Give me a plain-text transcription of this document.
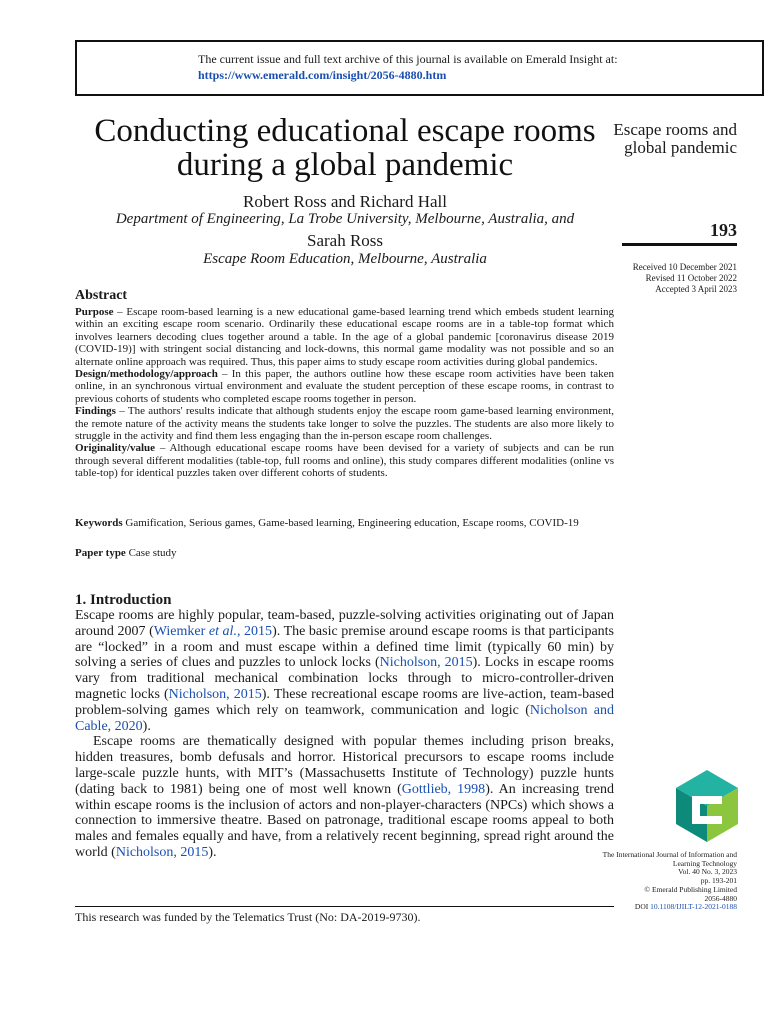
The current issue and full text archive of this journal is available on Emerald Insight at:
https://www.emerald.com/insight/2056-4880.htm
Conducting educational escape rooms during a global pandemic
Robert Ross and Richard Hall
Department of Engineering, La Trobe University, Melbourne, Australia, and
Sarah Ross
Escape Room Education, Melbourne, Australia
Escape rooms and global pandemic
193
Received 10 December 2021
Revised 11 October 2022
Accepted 3 April 2023
Abstract

Purpose – Escape room-based learning is a new educational game-based learning trend which embeds student learning within an exciting escape room scenario. Ordinarily these educational escape rooms are in a table-top format which involves learners decoding clues together around a table. In the age of a global pandemic [coronavirus disease 2019 (COVID-19)] with stringent social distancing and lock-downs, this normal game modality was not possible and so an alternate online approach was required. Thus, this paper aims to study escape room activities during global pandemics.

Design/methodology/approach – In this paper, the authors outline how these escape room activities have been taken online, in an synchronous virtual environment and evaluate the student perception of these escape rooms, in contrast to previous cohorts of students who completed escape rooms together in person.

Findings – The authors' results indicate that although students enjoy the escape room game-based learning environment, the remote nature of the activity means the students take longer to solve the puzzles. The students are also more likely to struggle in the activity and find them less engaging than the in-person escape room challenges.

Originality/value – Although educational escape rooms have been devised for a variety of subjects and can be run through several different modalities (table-top, full rooms and online), this study compares different modalities (online vs table-top) for identical puzzles taken over different cohorts of students.

Keywords Gamification, Serious games, Game-based learning, Engineering education, Escape rooms, COVID-19
Paper type Case study
1. Introduction

Escape rooms are highly popular, team-based, puzzle-solving activities originating out of Japan around 2007 (Wiemker et al., 2015). The basic premise around escape rooms is that participants are “locked” in a room and must escape within a defined time limit (typically 60 min) by solving a series of clues and puzzles to unlock locks (Nicholson, 2015). Locks in escape rooms vary from traditional mechanical combination locks through to micro-controller-driven magnetic locks (Nicholson, 2015). These recreational escape rooms are live-action, team-based problem-solving games which rely on teamwork, communication and logic (Nicholson and Cable, 2020).

Escape rooms are thematically designed with popular themes including prison breaks, hidden treasures, bomb defusals and horror. Historical precursors to escape rooms include large-scale puzzle hunts, with MIT’s (Massachusetts Institute of Technology) puzzle hunts (dating back to 1981) being one of most well known (Gottlieb, 1998). An increasing trend within escape rooms is the inclusion of actors and non-player-characters (NPCs) which shows a connection to immersive theatre. Based on patronage, traditional escape rooms appeal to both males and females equally and have, from a relatively recent beginning, spread right around the world (Nicholson, 2015).

This research was funded by the Telematics Trust (No: DA-2019-9730).
The International Journal of Information and Learning Technology
Vol. 40 No. 3, 2023
pp. 193-201
© Emerald Publishing Limited
2056-4880
DOI 10.1108/IJILT-12-2021-0188
